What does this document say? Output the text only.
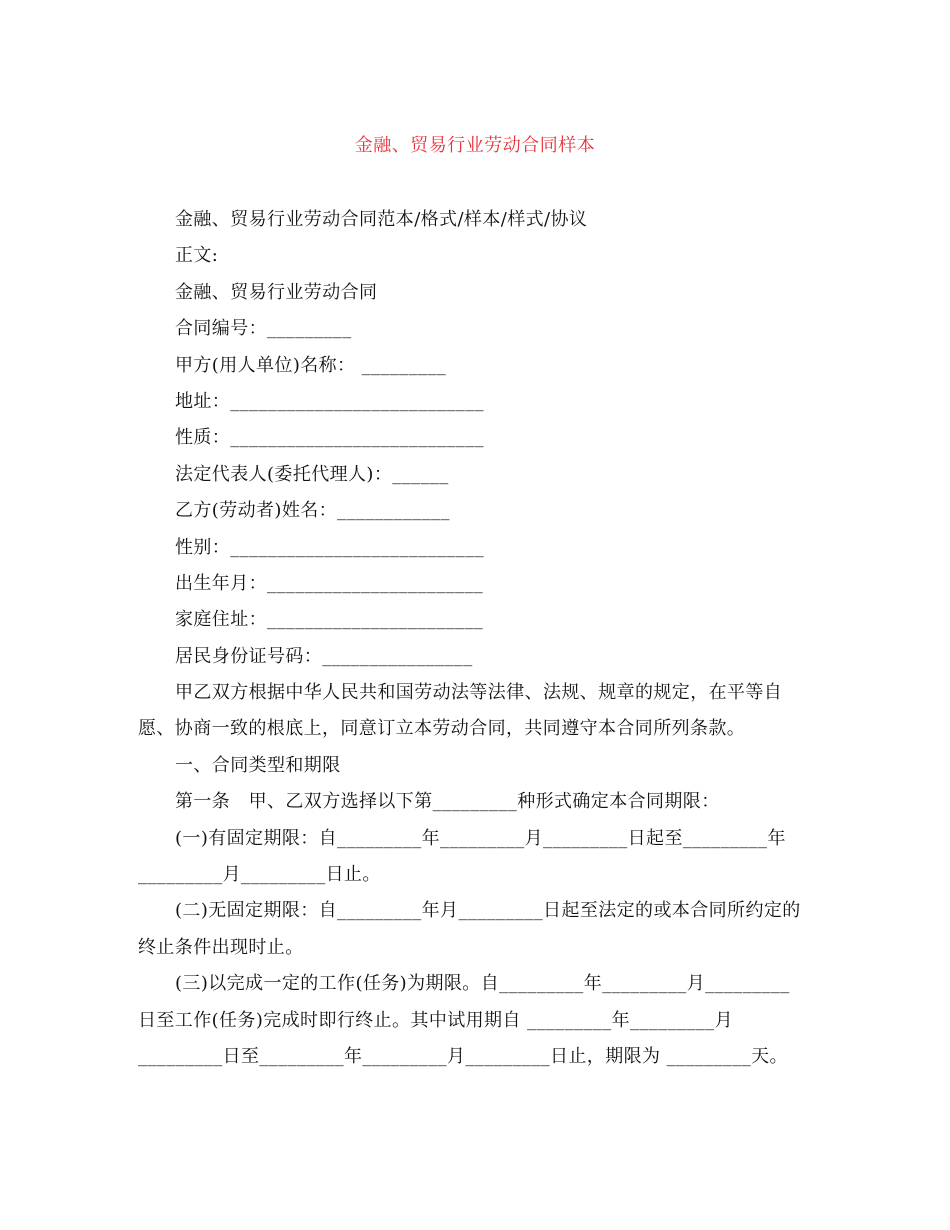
金融、贸易行业劳动合同样本
金融、贸易行业劳动合同范本/格式/样本/样式/协议
正文:
金融、贸易行业劳动合同
合同编号：_________
甲方(用人单位)名称： _________
地址：___________________________
性质：___________________________
法定代表人(委托代理人)：______
乙方(劳动者)姓名：____________
性别：___________________________
出生年月：_______________________
家庭住址：_______________________
居民身份证号码：________________
甲乙双方根据中华人民共和国劳动法等法律、法规、规章的规定，在平等自
愿、协商一致的根底上，同意订立本劳动合同，共同遵守本合同所列条款。
一、合同类型和期限
第一条　甲、乙双方选择以下第_________种形式确定本合同期限：
(一)有固定期限：自_________年_________月_________日起至_________年
_________月_________日止。
(二)无固定期限：自_________年月_________日起至法定的或本合同所约定的
终止条件出现时止。
(三)以完成一定的工作(任务)为期限。自_________年_________月_________
日至工作(任务)完成时即行终止。其中试用期自 _________年_________月
_________日至_________年_________月_________日止，期限为 _________天。
